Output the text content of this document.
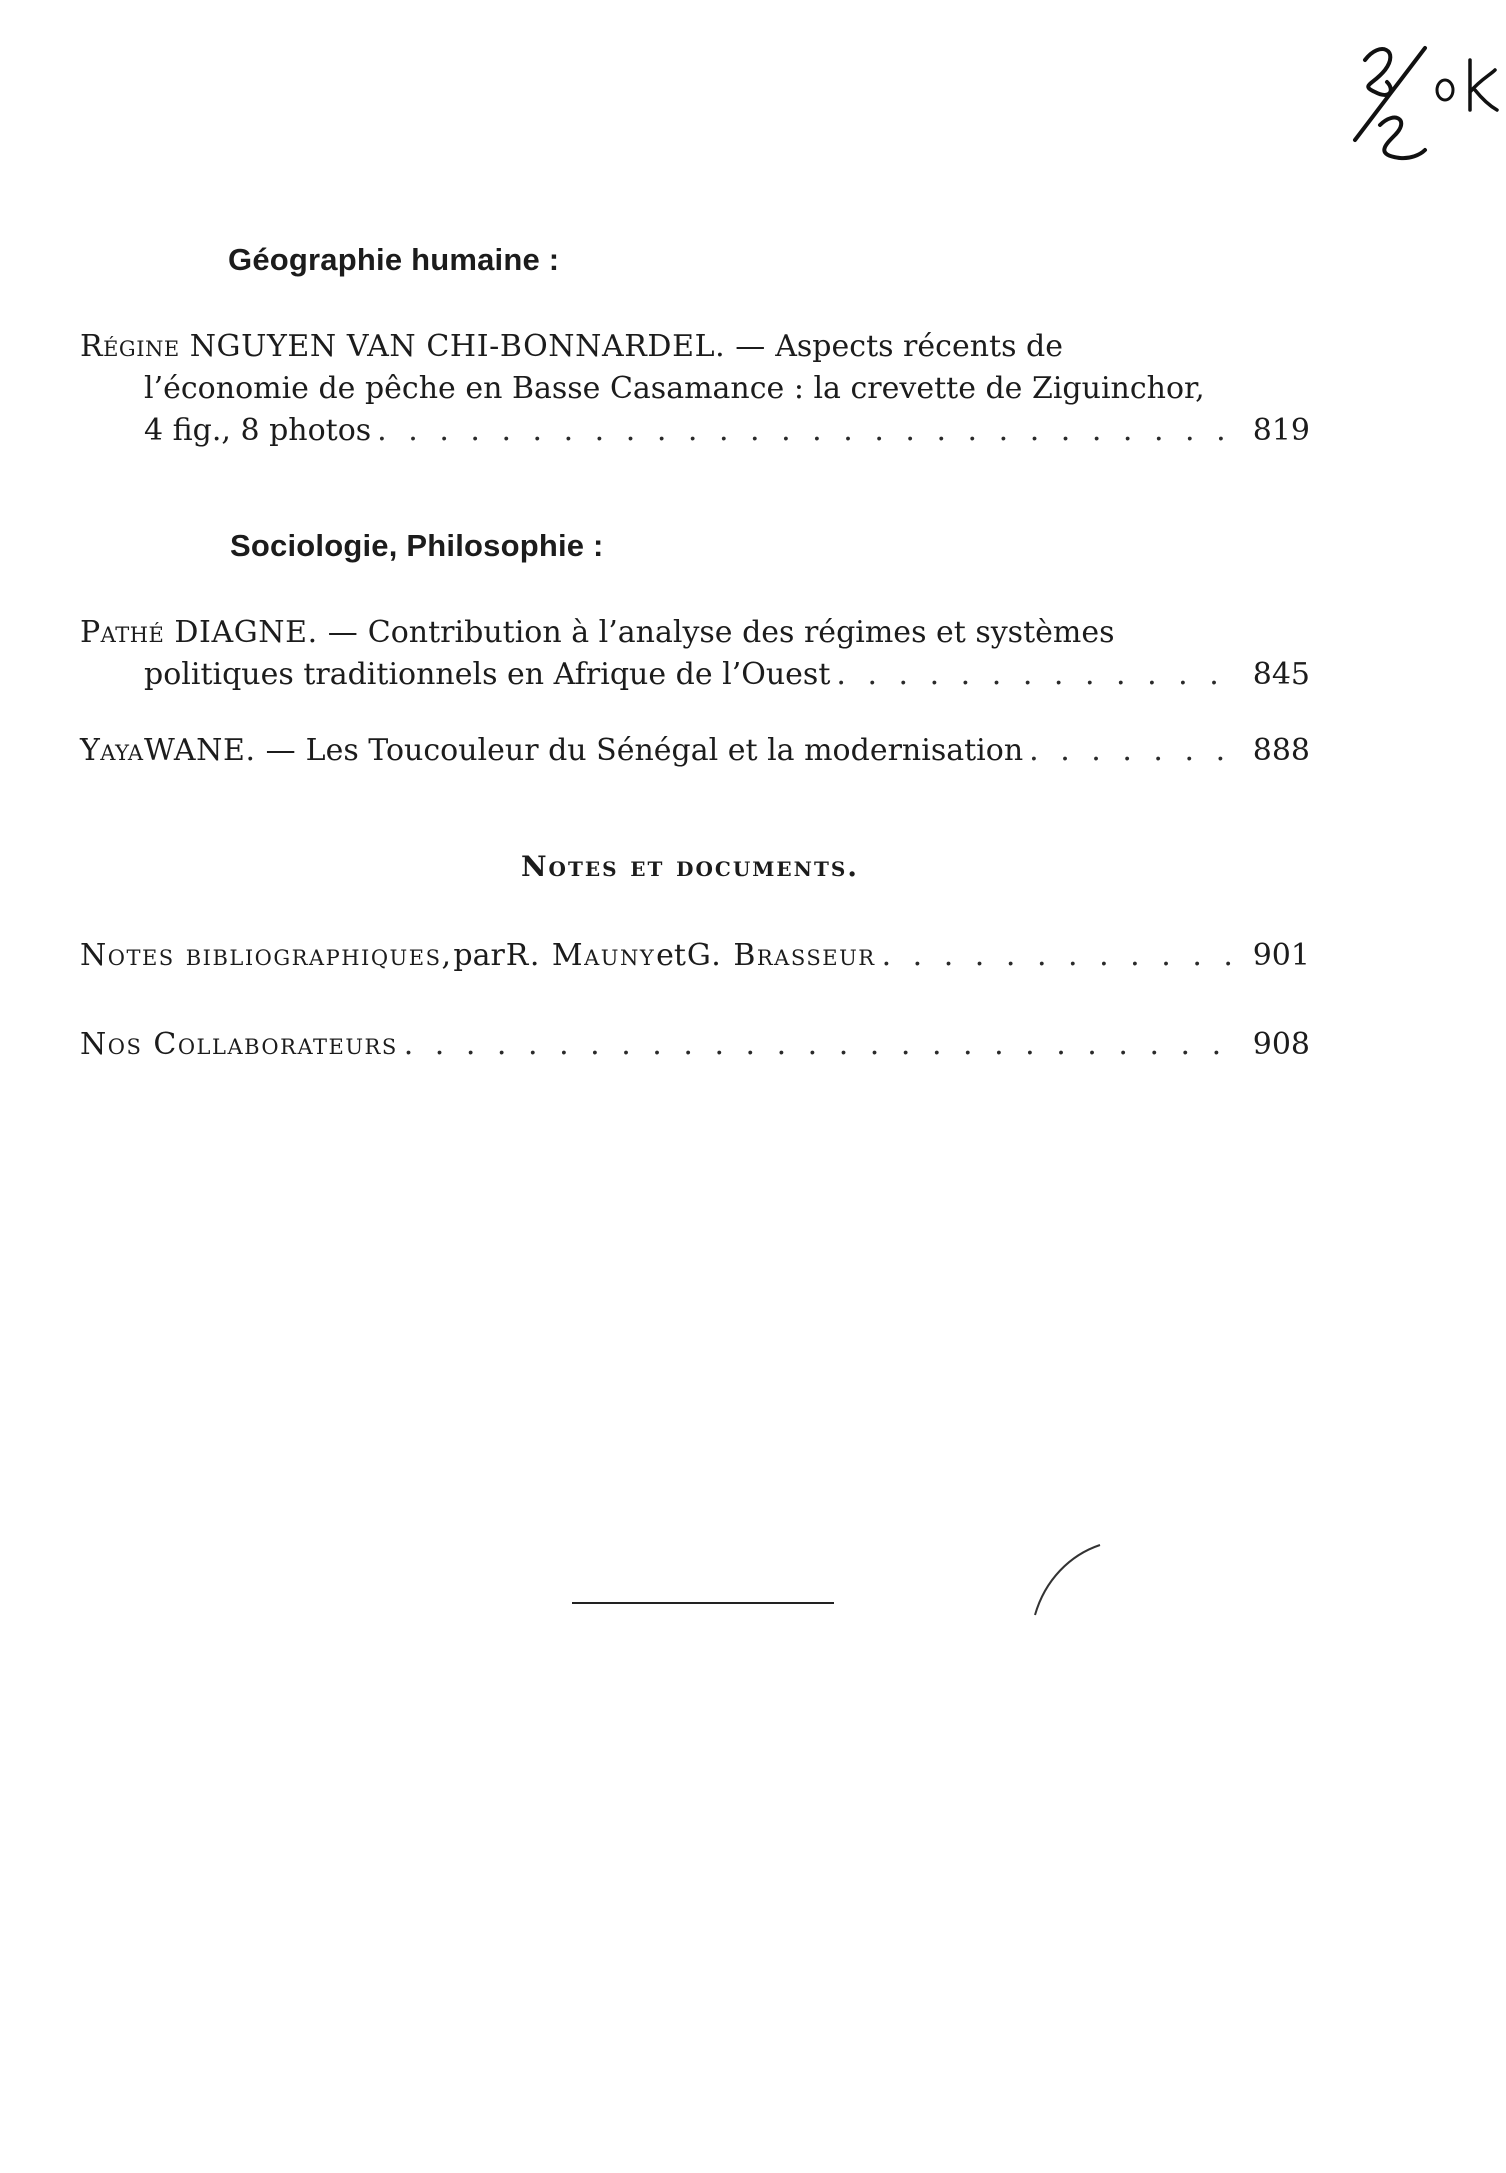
Géographie humaine :
Régine NGUYEN VAN CHI-BONNARDEL. — Aspects récents de
l’économie de pêche en Basse Casamance : la crevette de Ziguinchor,
4 fig., 8 photos . . .	819
Sociologie, Philosophie :
Pathé DIAGNE. — Contribution à l’analyse des régimes et systèmes
politiques traditionnels en Afrique de l’Ouest . . .	845
Yaya WANE. — Les Toucouleur du Sénégal et la modernisation . . .	888
Notes et documents.
Notes bibliographiques, par R. Mauny et G. Brasseur . . .	901
Nos Collaborateurs . . .	908
